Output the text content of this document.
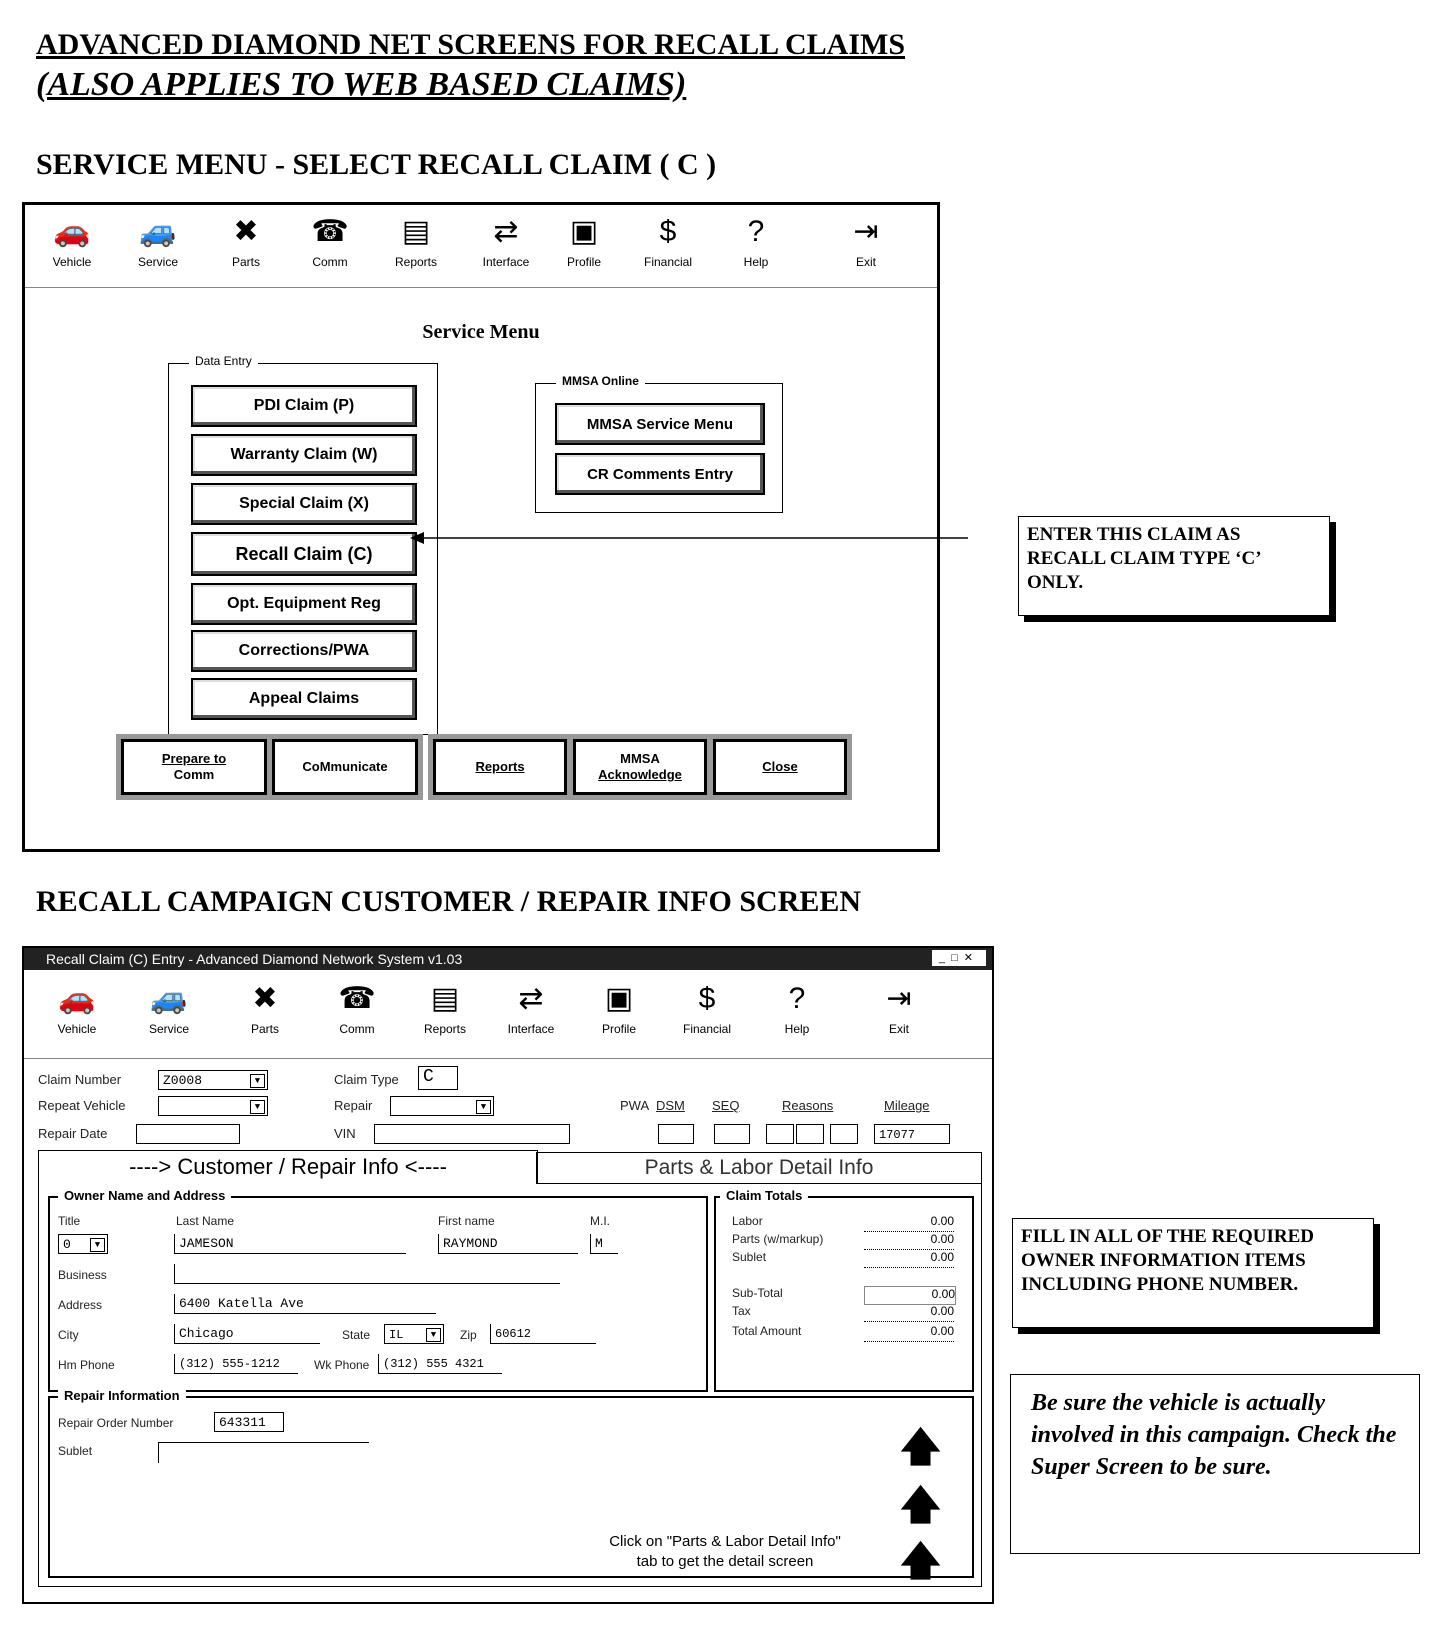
ADVANCED DIAMOND NET SCREENS FOR RECALL CLAIMS
(ALSO APPLIES TO WEB BASED CLAIMS)
SERVICE MENU - SELECT RECALL CLAIM ( C )
🚗
Vehicle
🚙
Service
✖
Parts
☎
Comm
▤
Reports
⇄
Interface
▣
Profile
$
Financial
?
Help
⇥
Exit
Service Menu
Data Entry
PDI Claim (P)
Warranty Claim (W)
Special Claim (X)
Recall Claim (C)
Opt. Equipment Reg
Corrections/PWA
Appeal Claims
MMSA Online
MMSA Service Menu
CR Comments Entry
Prepare to
Comm
CoMmunicate	Reports
MMSA
Acknowledge
Close
ENTER THIS CLAIM AS RECALL CLAIM TYPE ‘C’ ONLY.
RECALL CAMPAIGN CUSTOMER / REPAIR INFO SCREEN
Recall Claim (C) Entry - Advanced Diamond Network System v1.03	_□✕
🚗
Vehicle
🚙
Service
✖
Parts
☎
Comm
▤
Reports
⇄
Interface
▣
Profile
$
Financial
?
Help
⇥
Exit
Claim Number	Z0008	▼	Claim Type C
Repeat Vehicle	▼	Repair	▼	PWA DSM SEQ	Reasons	Mileage
Repair Date	VIN	17077
----> Customer / Repair Info <----	Parts & Labor Detail Info
Owner Name and Address
Title
0	▼
Last Name
JAMESON
First name
RAYMOND
M.I.
M
Business
Address	6400 Katella Ave
City	Chicago	State	IL	▼	Zip	60612
Hm Phone	(312) 555-1212	Wk Phone	(312) 555 4321
Claim Totals
Labor	0.00
Parts (w/markup)	0.00
Sublet	0.00
Sub-Total	0.00
Tax	0.00
Total Amount	0.00
Repair Information
Repair Order Number	643311
Sublet
Click on "Parts & Labor Detail Info"
tab to get the detail screen
🡅
🡅
🡅
FILL IN ALL OF THE REQUIRED OWNER INFORMATION ITEMS INCLUDING PHONE NUMBER.
Be sure the vehicle is actually involved in this campaign. Check the Super Screen to be sure.
